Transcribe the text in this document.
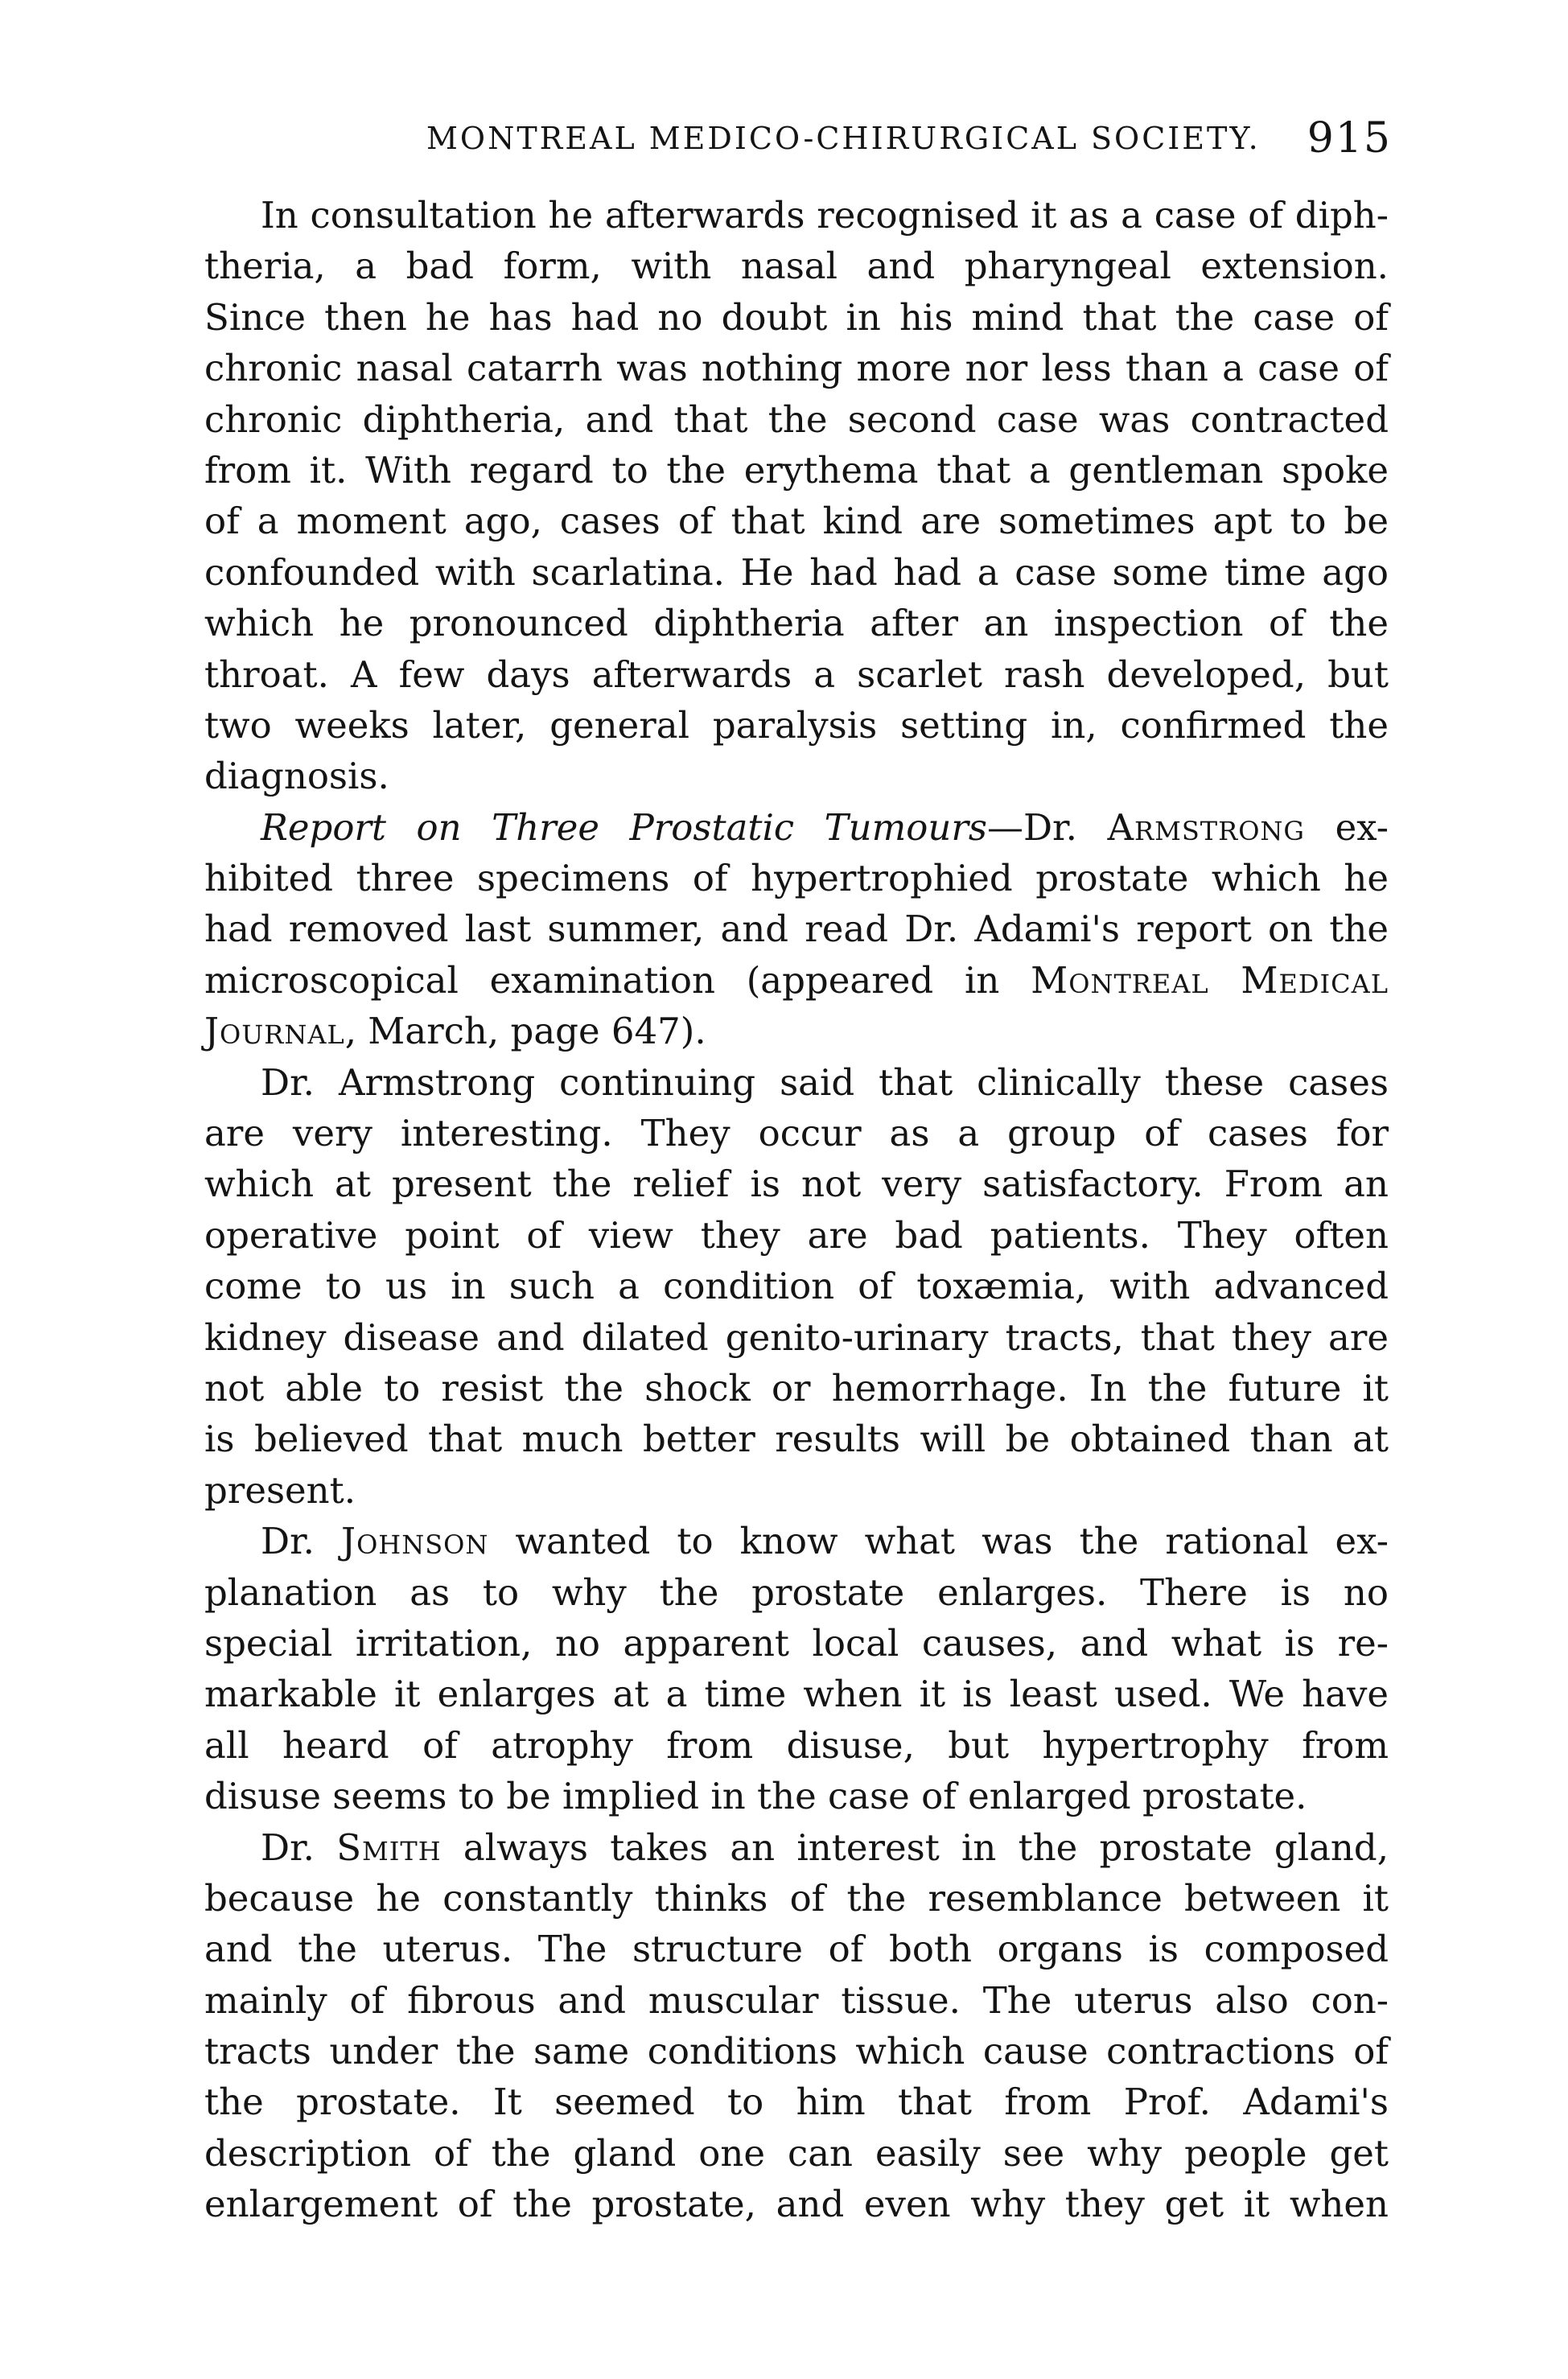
MONTREAL MEDICO-CHIRURGICAL SOCIETY. 915
In consultation he afterwards recognised it as a case of diph-
theria, a bad form, with nasal and pharyngeal extension.
Since then he has had no doubt in his mind that the case of
chronic nasal catarrh was nothing more nor less than a case of
chronic diphtheria, and that the second case was contracted
from it. With regard to the erythema that a gentleman spoke
of a moment ago, cases of that kind are sometimes apt to be
confounded with scarlatina. He had had a case some time ago
which he pronounced diphtheria after an inspection of the
throat. A few days afterwards a scarlet rash developed, but
two weeks later, general paralysis setting in, confirmed the
diagnosis.
Report on Three Prostatic Tumours—Dr. Armstrong ex-
hibited three specimens of hypertrophied prostate which he
had removed last summer, and read Dr. Adami's report on the
microscopical examination (appeared in Montreal Medical
Journal, March, page 647).
Dr. Armstrong continuing said that clinically these cases
are very interesting. They occur as a group of cases for
which at present the relief is not very satisfactory. From an
operative point of view they are bad patients. They often
come to us in such a condition of toxæmia, with advanced
kidney disease and dilated genito-urinary tracts, that they are
not able to resist the shock or hemorrhage. In the future it
is believed that much better results will be obtained than at
present.
Dr. Johnson wanted to know what was the rational ex-
planation as to why the prostate enlarges. There is no
special irritation, no apparent local causes, and what is re-
markable it enlarges at a time when it is least used. We have
all heard of atrophy from disuse, but hypertrophy from
disuse seems to be implied in the case of enlarged prostate.
Dr. Smith always takes an interest in the prostate gland,
because he constantly thinks of the resemblance between it
and the uterus. The structure of both organs is composed
mainly of fibrous and muscular tissue. The uterus also con-
tracts under the same conditions which cause contractions of
the prostate. It seemed to him that from Prof. Adami's
description of the gland one can easily see why people get
enlargement of the prostate, and even why they get it when
